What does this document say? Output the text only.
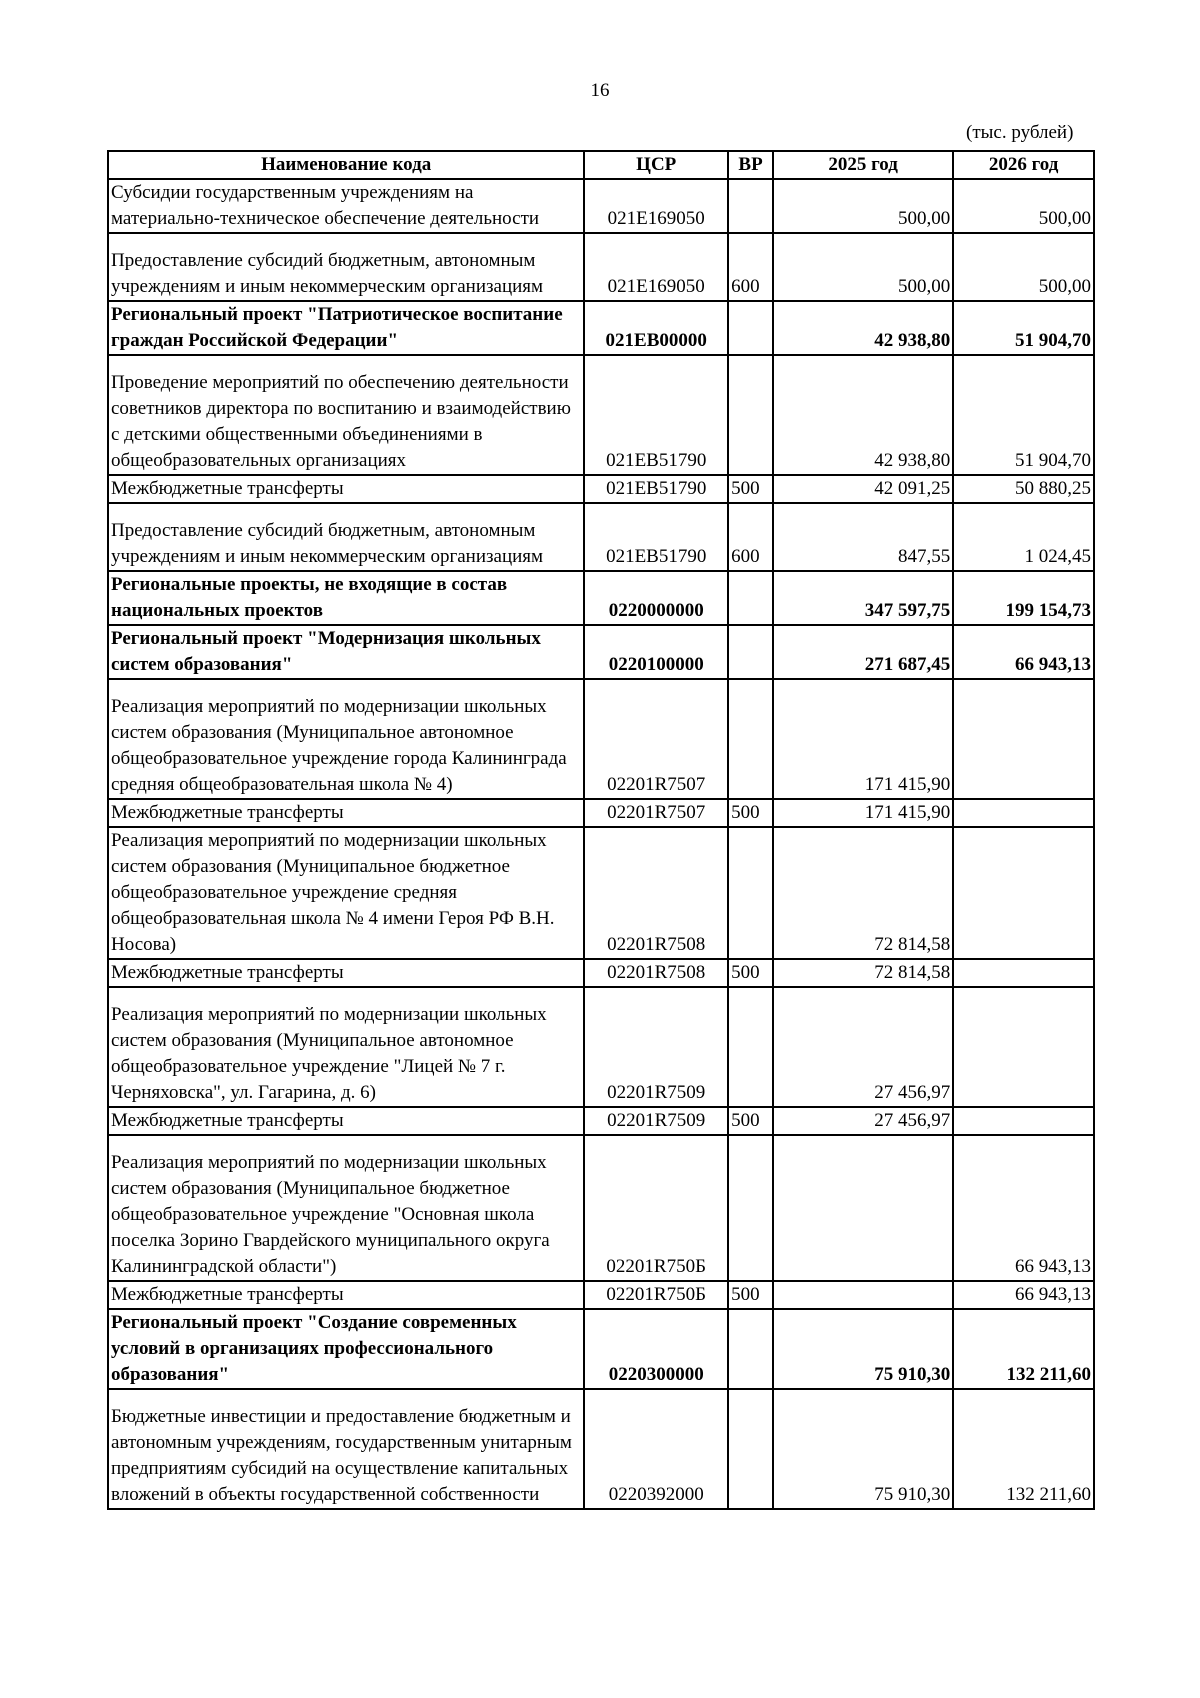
16
(тыс. рублей)
Наименование кода	ЦСР	ВР	2025 год	2026 год
Субсидии государственным учреждениям на материально-техническое обеспечение деятельности	021Е169050		500,00	500,00
Предоставление субсидий бюджетным, автономным учреждениям и иным некоммерческим организациям	021Е169050	600	500,00	500,00
Региональный проект "Патриотическое воспитание граждан Российской Федерации"	021ЕВ00000		42 938,80	51 904,70
Проведение мероприятий по обеспечению деятельности советников директора по воспитанию и взаимодействию с детскими общественными объединениями в общеобразовательных организациях	021ЕВ51790		42 938,80	51 904,70
Межбюджетные трансферты	021ЕВ51790	500	42 091,25	50 880,25
Предоставление субсидий бюджетным, автономным учреждениям и иным некоммерческим организациям	021ЕВ51790	600	847,55	1 024,45
Региональные проекты, не входящие в состав национальных проектов	0220000000		347 597,75	199 154,73
Региональный проект "Модернизация школьных систем образования"	0220100000		271 687,45	66 943,13
Реализация мероприятий по модернизации школьных систем образования (Муниципальное автономное общеобразовательное учреждение города Калининграда средняя общеобразовательная школа № 4)	02201R7507		171 415,90	
Межбюджетные трансферты	02201R7507	500	171 415,90	
Реализация мероприятий по модернизации школьных систем образования (Муниципальное бюджетное общеобразовательное учреждение средняя общеобразовательная школа № 4 имени Героя РФ В.Н. Носова)	02201R7508		72 814,58	
Межбюджетные трансферты	02201R7508	500	72 814,58	
Реализация мероприятий по модернизации школьных систем образования (Муниципальное автономное общеобразовательное учреждение "Лицей № 7 г. Черняховска", ул. Гагарина, д. 6)	02201R7509		27 456,97	
Межбюджетные трансферты	02201R7509	500	27 456,97	
Реализация мероприятий по модернизации школьных систем образования (Муниципальное бюджетное общеобразовательное учреждение "Основная школа поселка Зорино Гвардейского муниципального округа Калининградской области")	02201R750Б			66 943,13
Межбюджетные трансферты	02201R750Б	500		66 943,13
Региональный проект "Создание современных условий в организациях профессионального образования"	0220300000		75 910,30	132 211,60
Бюджетные инвестиции и предоставление бюджетным и автономным учреждениям, государственным унитарным предприятиям субсидий на осуществление капитальных вложений в объекты государственной собственности	0220392000		75 910,30	132 211,60
